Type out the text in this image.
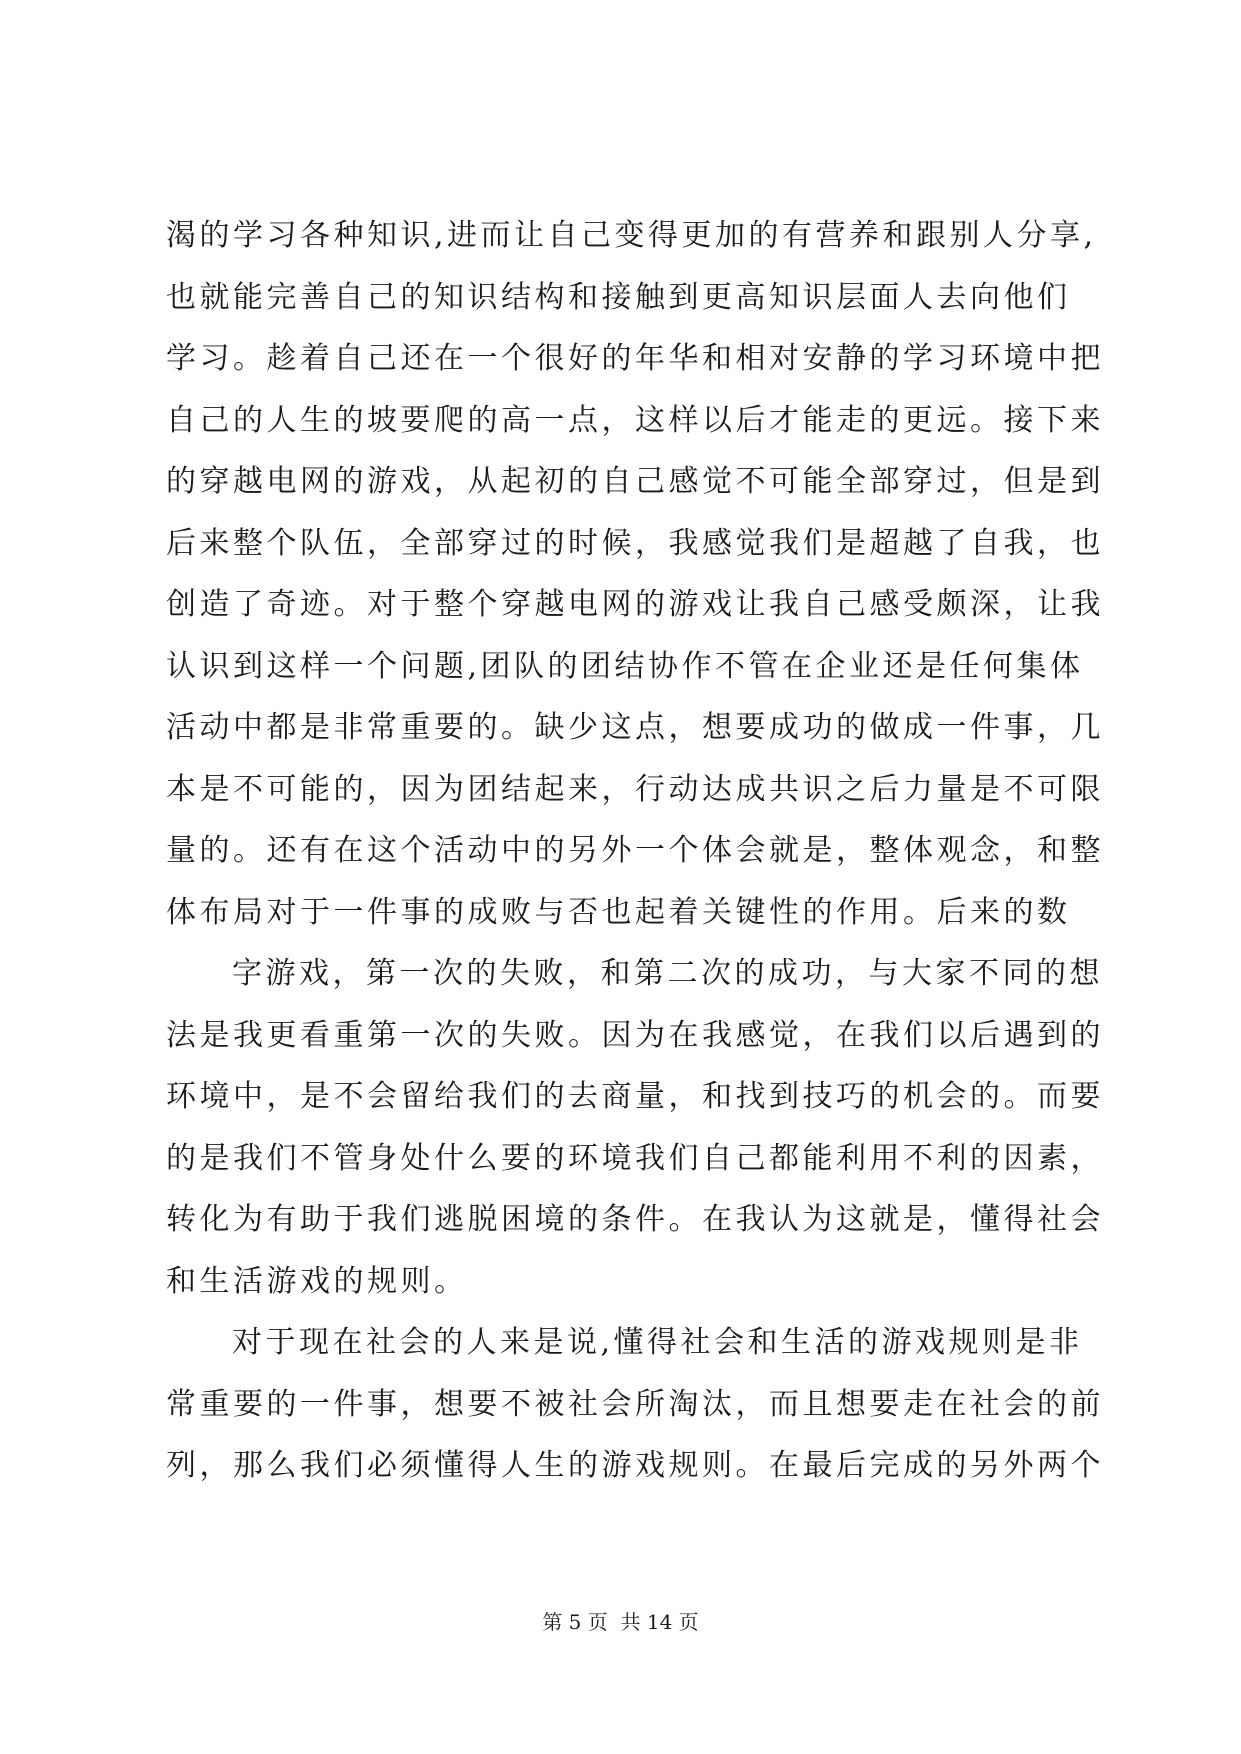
渴的学习各种知识,进而让自己变得更加的有营养和跟别人分享,
也就能完善自己的知识结构和接触到更高知识层面人去向他们
学习。趁着自己还在一个很好的年华和相对安静的学习环境中把
自己的人生的坡要爬的高一点，这样以后才能走的更远。接下来
的穿越电网的游戏，从起初的自己感觉不可能全部穿过，但是到
后来整个队伍，全部穿过的时候，我感觉我们是超越了自我，也
创造了奇迹。对于整个穿越电网的游戏让我自己感受颇深，让我
认识到这样一个问题,团队的团结协作不管在企业还是任何集体
活动中都是非常重要的。缺少这点，想要成功的做成一件事，几
本是不可能的，因为团结起来，行动达成共识之后力量是不可限
量的。还有在这个活动中的另外一个体会就是，整体观念，和整
体布局对于一件事的成败与否也起着关键性的作用。后来的数
字游戏，第一次的失败，和第二次的成功，与大家不同的想
法是我更看重第一次的失败。因为在我感觉，在我们以后遇到的
环境中，是不会留给我们的去商量，和找到技巧的机会的。而要
的是我们不管身处什么要的环境我们自己都能利用不利的因素，
转化为有助于我们逃脱困境的条件。在我认为这就是，懂得社会
和生活游戏的规则。
对于现在社会的人来是说,懂得社会和生活的游戏规则是非
常重要的一件事，想要不被社会所淘汰，而且想要走在社会的前
列，那么我们必须懂得人生的游戏规则。在最后完成的另外两个
第 5 页  共 14 页
